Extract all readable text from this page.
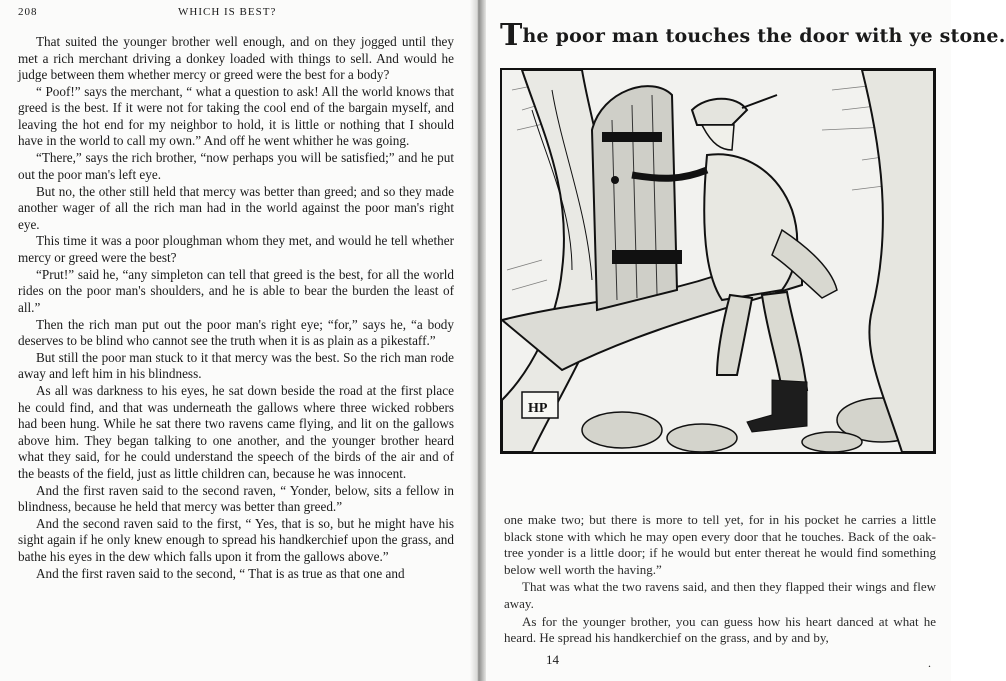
208	WHICH IS BEST?

That suited the younger brother well enough, and on they jogged until they met a rich merchant driving a donkey loaded with things to sell. And would he judge between them whether mercy or greed were the best for a body?

“ Poof!” says the merchant, “ what a question to ask! All the world knows that greed is the best. If it were not for taking the cool end of the bargain myself, and leaving the hot end for my neighbor to hold, it is little or nothing that I should have in the world to call my own.” And off he went whither he was going.

“There,” says the rich brother, “now perhaps you will be satisfied;” and he put out the poor man's left eye.

But no, the other still held that mercy was better than greed; and so they made another wager of all the rich man had in the world against the poor man's right eye.

This time it was a poor ploughman whom they met, and would he tell whether mercy or greed were the best?

“Prut!” said he, “any simpleton can tell that greed is the best, for all the world rides on the poor man's shoulders, and he is able to bear the burden the least of all.”

Then the rich man put out the poor man's right eye; “for,” says he, “a body deserves to be blind who cannot see the truth when it is as plain as a pikestaff.”

But still the poor man stuck to it that mercy was the best. So the rich man rode away and left him in his blindness.

As all was darkness to his eyes, he sat down beside the road at the first place he could find, and that was underneath the gallows where three wicked robbers had been hung. While he sat there two ravens came flying, and lit on the gallows above him. They began talking to one another, and the younger brother heard what they said, for he could understand the speech of the birds of the air and of the beasts of the field, just as little children can, because he was innocent.

And the first raven said to the second raven, “ Yonder, below, sits a fellow in blindness, because he held that mercy was better than greed.”

And the second raven said to the first, “ Yes, that is so, but he might have his sight again if he only knew enough to spread his handkerchief upon the grass, and bathe his eyes in the dew which falls upon it from the gallows above.”

And the first raven said to the second, “ That is as true as that one and

The poor man touches the door with ye stone.
HP

one make two; but there is more to tell yet, for in his pocket he carries a little black stone with which he may open every door that he touches. Back of the oak-tree yonder is a little door; if he would but enter thereat he would find something below well worth the having.”

That was what the two ravens said, and then they flapped their wings and flew away.

As for the younger brother, you can guess how his heart danced at what he heard. He spread his handkerchief on the grass, and by and by,

14	.
